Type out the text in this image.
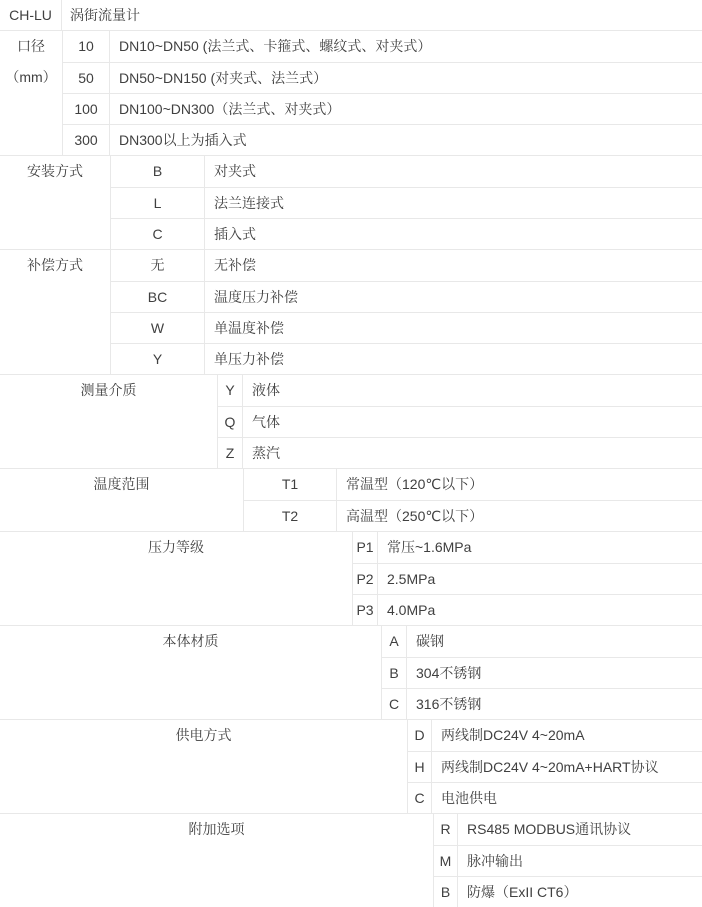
CH-LU	涡街流量计
口径
（mm）
10	DN10~DN50 (法兰式、卡箍式、螺纹式、对夹式）
50	DN50~DN150 (对夹式、法兰式）
100	DN100~DN300（法兰式、对夹式）
300	DN300以上为插入式
安装方式	B	对夹式
L	法兰连接式
C	插入式
补偿方式	无	无补偿
BC	温度压力补偿
W	单温度补偿
Y	单压力补偿
测量介质	Y	液体
Q	气体
Z	蒸汽
温度范围	T1	常温型（120℃以下）
T2	高温型（250℃以下）
压力等级	P1 常压~1.6MPa
P2 2.5MPa
P3 4.0MPa
本体材质	A	碳钢
B	304不锈钢
C	316不锈钢
供电方式	D	两线制DC24V 4~20mA
H	两线制DC24V 4~20mA+HART协议
C	电池供电
附加选项	R	RS485 MODBUS通讯协议
M	脉冲输出
B	防爆（ExII CT6）
